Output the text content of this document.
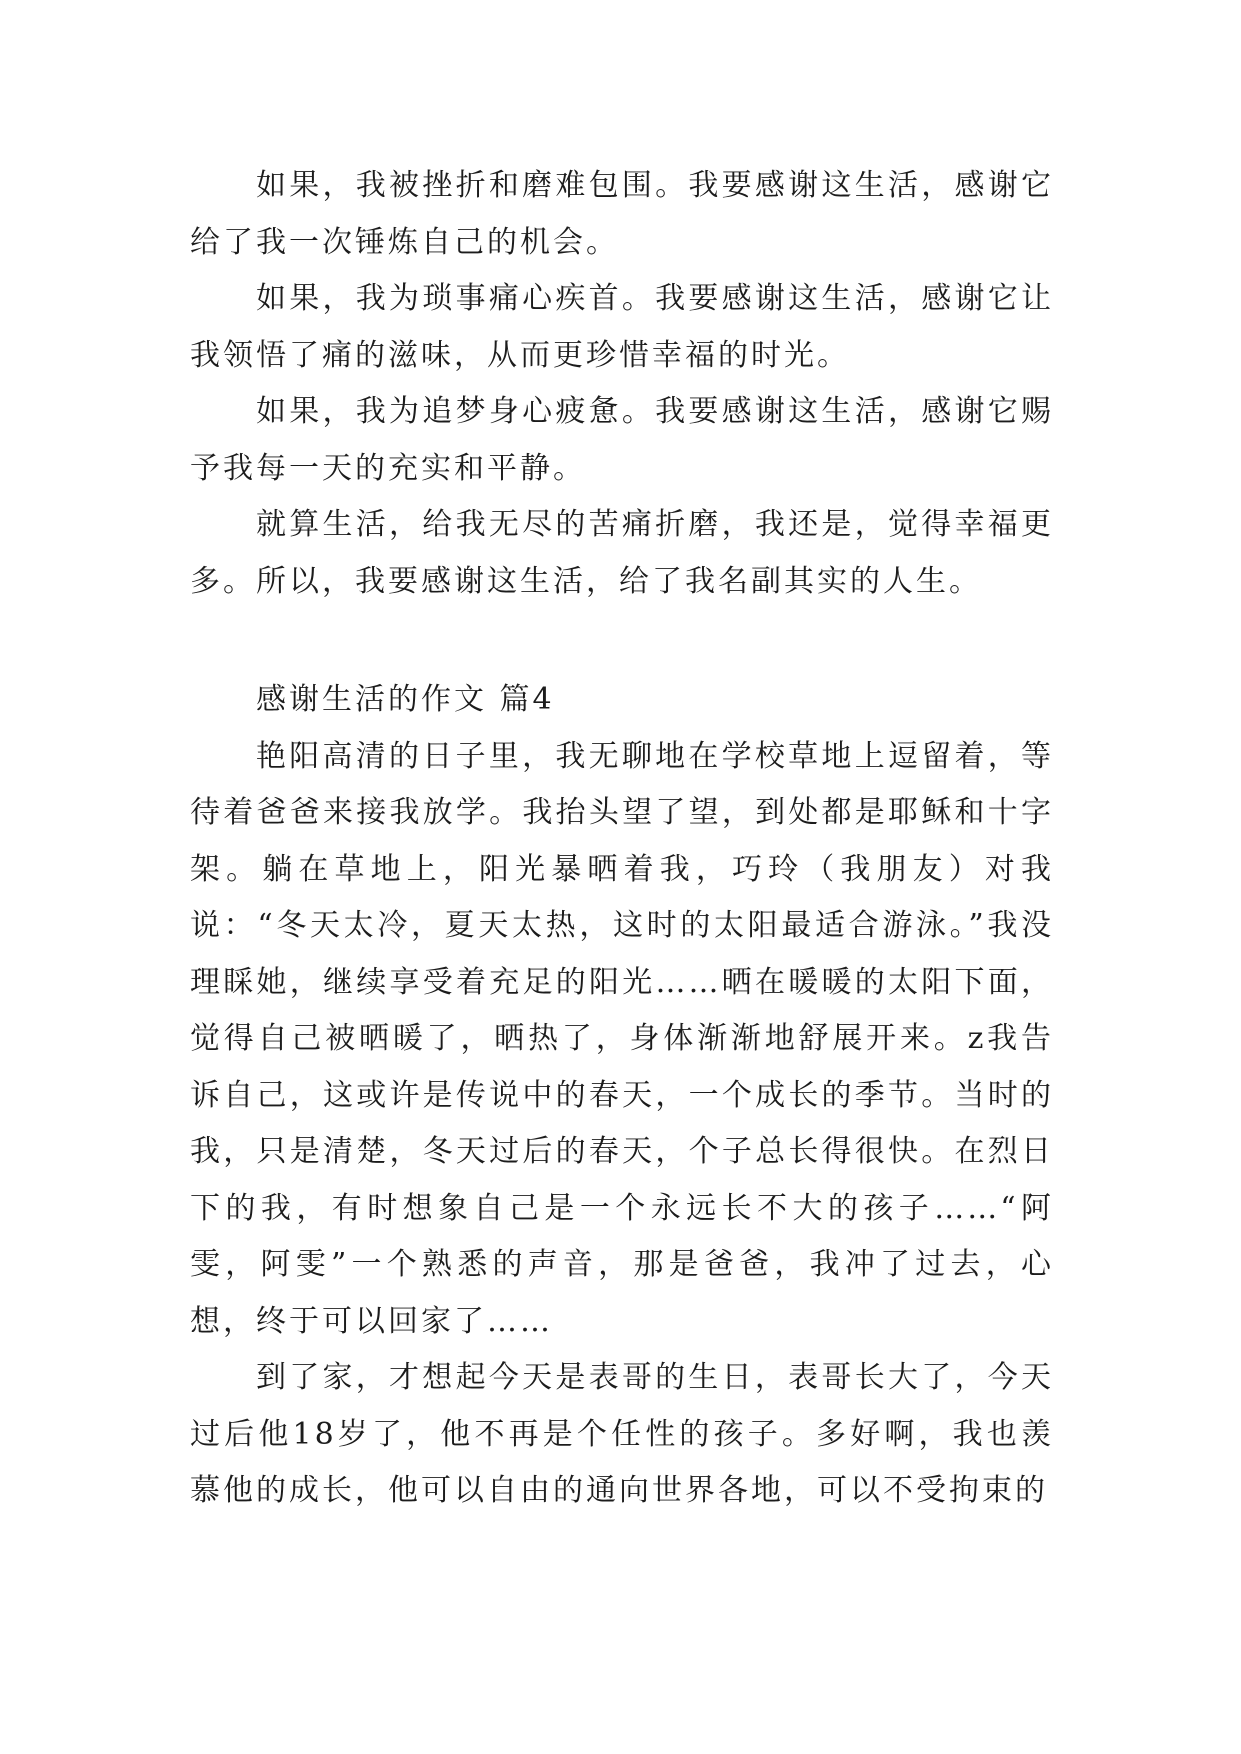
如果，我被挫折和磨难包围。我要感谢这生活，感谢它给了我一次锤炼自己的机会。

如果，我为琐事痛心疾首。我要感谢这生活，感谢它让我领悟了痛的滋味，从而更珍惜幸福的时光。

如果，我为追梦身心疲惫。我要感谢这生活，感谢它赐予我每一天的充实和平静。

就算生活，给我无尽的苦痛折磨，我还是，觉得幸福更多。所以，我要感谢这生活，给了我名副其实的人生。

感谢生活的作文 篇4

艳阳高清的日子里，我无聊地在学校草地上逗留着，等待着爸爸来接我放学。我抬头望了望，到处都是耶稣和十字架。躺在草地上，阳光暴晒着我，巧玲（我朋友）对我说：“冬天太冷，夏天太热，这时的太阳最适合游泳。”我没理睬她，继续享受着充足的阳光……晒在暖暖的太阳下面，觉得自己被晒暖了，晒热了，身体渐渐地舒展开来。z我告诉自己，这或许是传说中的春天，一个成长的季节。当时的我，只是清楚，冬天过后的春天，个子总长得很快。在烈日下的我，有时想象自己是一个永远长不大的孩子……“阿雯，阿雯”一个熟悉的声音，那是爸爸，我冲了过去，心想，终于可以回家了……

到了家，才想起今天是表哥的生日，表哥长大了，今天过后他18岁了，他不再是个任性的孩子。多好啊，我也羡慕他的成长，他可以自由的通向世界各地，可以不受拘束的
